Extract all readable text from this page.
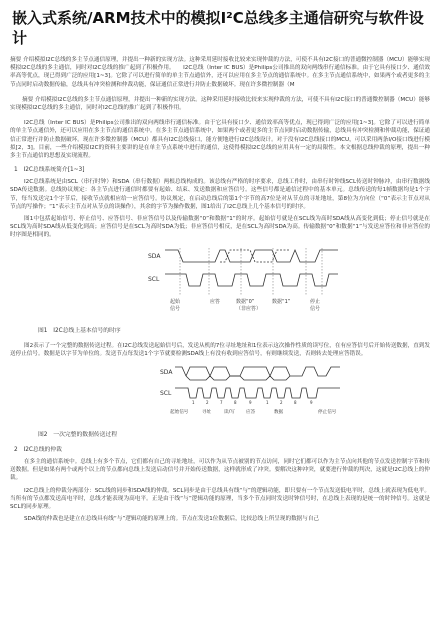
嵌入式系统/ARM技术中的模拟I²C总线多主通信研究与软件设计

摘要 介绍模拟I2C总线的多主节点通信原理，并提出一种新的实现方法。这种采用延时接收比较来实现仲裁的方法，可使不具有I2C接口的普通微控制器（MCU）能够实现模拟I2C总线的多主通信，同时对I2C总线的推广起到了积极作用。　　I2C总线（Inter IC BUS）是Philips公司推出的双向两线串行通信标准。由于它具有接口少、通信效率高等优点，现已得到广泛的应用[1~3]。它除了可以进行简单的单主节点通信外，还可以应用在多主节点的通信系统中。在多主节点通信系统中，如果两个或者更多的主节点同时启动数据传输，总线具有冲突检测和仲裁功能，保证通信正常进行并防止数据破坏。现在许多微控制器（M

摘要 介绍模拟I2C总线的多主节点通信原理，并提出一种新的实现方法。这种采用延时接收比较来实现仲裁的方法，可使不具有I2C接口的普通微控制器（MCU）能够实现模拟I2C总线的多主通信，同时对I2C总线的推广起到了积极作用。

I2C总线（Inter IC BUS）是Philips公司推出的双向两线串行通信标准。由于它具有接口少、通信效率高等优点，现已得到广泛的应用[1~3]。它除了可以进行简单的单主节点通信外，还可以应用在多主节点的通信系统中。在多主节点通信系统中，如果两个或者更多的主节点同时启动数据传输，总线具有冲突检测和仲裁功能，保证通信正常进行并防止数据破坏。现在许多微控制器（MCU）都具有I2C总线接口，能方便地进行I2C总线设计。对于没有I2C总线接口的MCU，可以采用两条I/O接口线进行模拟[2，3]。目前，一些介绍模拟I2C的资料主要讲的是在单主节点系统中进行的通信，这使得模拟I2C总线的应用具有一定的局限性。本文根据总线仲裁的原理，提出一种多主节点通信的思想及实现流程。

1　I2C总线系统简介[1~3]

I2C总线系统是由SCL（串行时钟）和SDA（串行数据）两根总线构成的。该总线有严格的时序要求，总线工作时，由串行时钟线SCL传送时钟脉冲，由串行数据线SDA传送数据。总线协议规定：各主节点进行通信时都要有起始、结束、发送数据和应答信号。这些信号都是通信过程中的基本单元。总线传送的每1帧数据均是1个字节，每当发送完1个字节后，接收节点就相应给一应答信号。协议规定，在启动总线后的第1个字节的高7位是对从节点的寻址地址，第8位为方向位（“0”表示主节点对从节点的写操作；“1”表示主节点对从节点的读操作），其余的字节为操作数据，图1给出了I2C总线上几个基本信号的时序。

图1中包括起始信号、停止信号、应答信号、非应答信号以及传输数据“0”和数据“1”的时序。起始信号就是在SCL线为高时SDA线从高变化到低；停止信号就是在SCL线为高时SDA线从低变化到高；应答信号是在SCL为高时SDA为低；非应答信号相反，是在SCL为高时SDA为高。传输数据“0”和数据“1”与发送应答位和非应答位的时序图是相同的。

SDA
SCL
起始
信号
应答	数据“0”
（非应答）
数据“1”	停止
信号
图1　I2C总线上基本信号的时序

图2表示了一个完整的数据传送过程。在I2C总线发送起始信号后，发送从机的7位寻址地址和1位表示这次操作性质的读写位，在有应答信号后开始传送数据，直到发送停止信号。数据是以字节为单位的。发送节点每发送1个字节就要检测SDA线上有没有收到应答信号，有则继续发送，否则转去处理应答错误。

SDA
SCL
1	2	7	8	9	1	2	8	9
起始信号	寻址	读/写 应答	数据	停止信号
图2　一次完整的数据传送过程
2　I2C总线的仲裁

在多主的通信系统中。总线上有多个节点，它们都有自己的寻址地址，可以作为从节点被别的节点访问，同时它们都可以作为主节点向其他的节点发送控制字节和传送数据。但是如果有两个或两个以上的节点都向总线上发送启动信号并开始传送数据，这样就形成了冲突。要解决这种冲突，就要进行仲裁的判决，这就是I2C总线上的仲裁。

I2C总线上的仲裁分两部分：SCL线的同步和SDA线的仲裁。SCL同步是由于总线具有线“与”的逻辑功能，即只要有一个节点发送低电平时，总线上就表现为低电平。当所有的节点都发送高电平时，总线才能表现为高电平。正是由于线“与”逻辑功能的原理，当多个节点同时发送时钟信号时，在总线上表现的是统一的时钟信号。这就是SCL的同步原理。

SDA线的仲裁也是建立在总线具有线“与”逻辑功能的原理上的。节点在发送1位数据后，比较总线上所呈现的数据与自己
